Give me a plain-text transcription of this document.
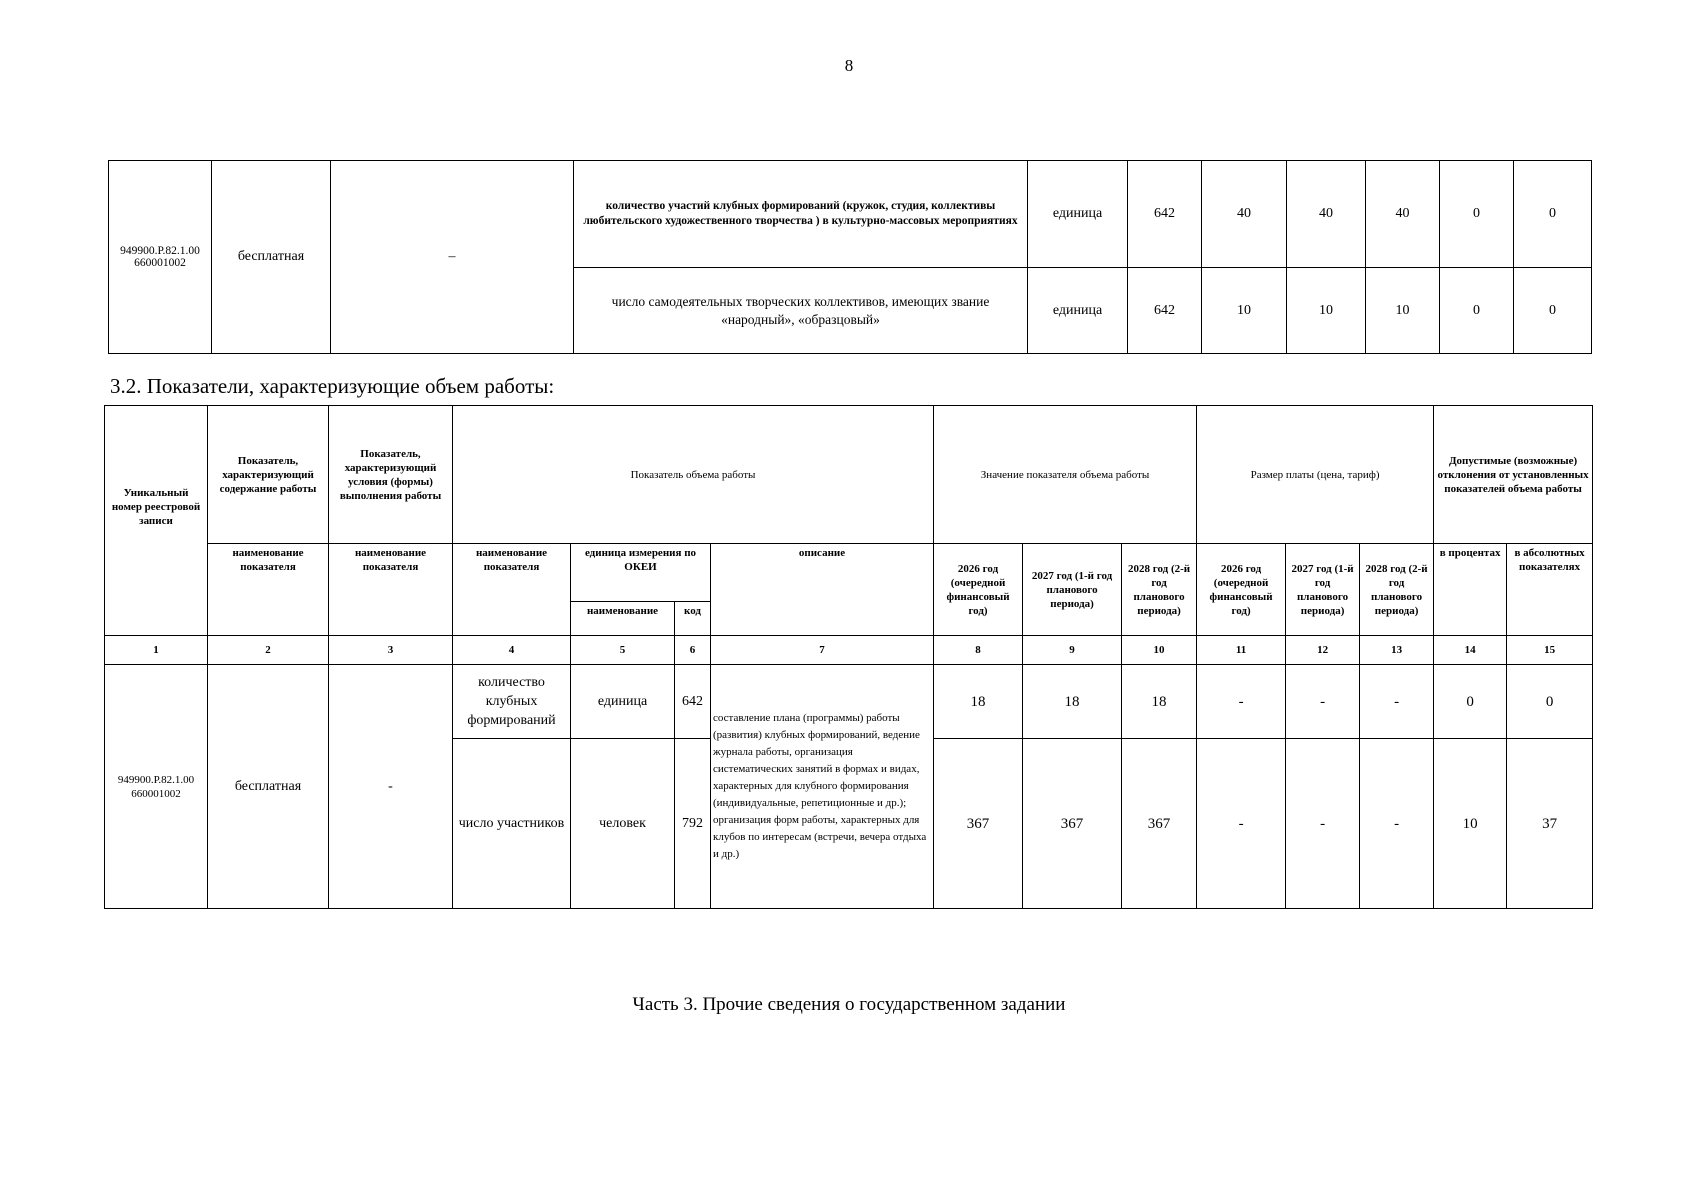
8
949900.Р.82.1.00 660001002	бесплатная	–	количество участий клубных формирований (кружок, студия, коллективы любительского художественного творчества ) в культурно-массовых мероприятиях	единица	642	40	40	40	0	0
			число самодеятельных творческих коллективов, имеющих звание «народный», «образцовый»	единица	642	10	10	10	0	0
3.2. Показатели, характеризующие объем работы:
Уникальный номер реестровой записи	Показатель, характеризующий содержание работы	Показатель, характеризующий условия (формы) выполнения работы	Показатель объема работы				Значение показателя объема работы			Размер платы (цена, тариф)			Допустимые (возможные) отклонения от установленных показателей объема работы	
	наименование показателя	наименование показателя	наименование показателя	единица измерения по ОКЕИ		описание	2026 год (очередной финансовый год)	2027 год (1-й год планового периода)	2028 год (2-й год планового периода)	2026 год (очередной финансовый год)	2027 год (1-й год планового периода)	2028 год (2-й год планового периода)	в процентах	в абсолютных показателях
				наименование	код									
1	2	3	4	5	6	7	8	9	10	11	12	13	14	15
949900.Р.82.1.00 660001002	бесплатная	-	количество клубных формирований	единица	642	составление плана (программы) работы (развития) клубных формирований, ведение журнала работы, организация систематических занятий в формах и видах, характерных для клубного формирования (индивидуальные, репетиционные и др.); организация форм работы, характерных для клубов по интересам (встречи, вечера отдыха и др.)	18	18	18	-	-	-	0	0
			число участников	человек	792		367	367	367	-	-	-	10	37
Часть 3. Прочие сведения о государственном задании
